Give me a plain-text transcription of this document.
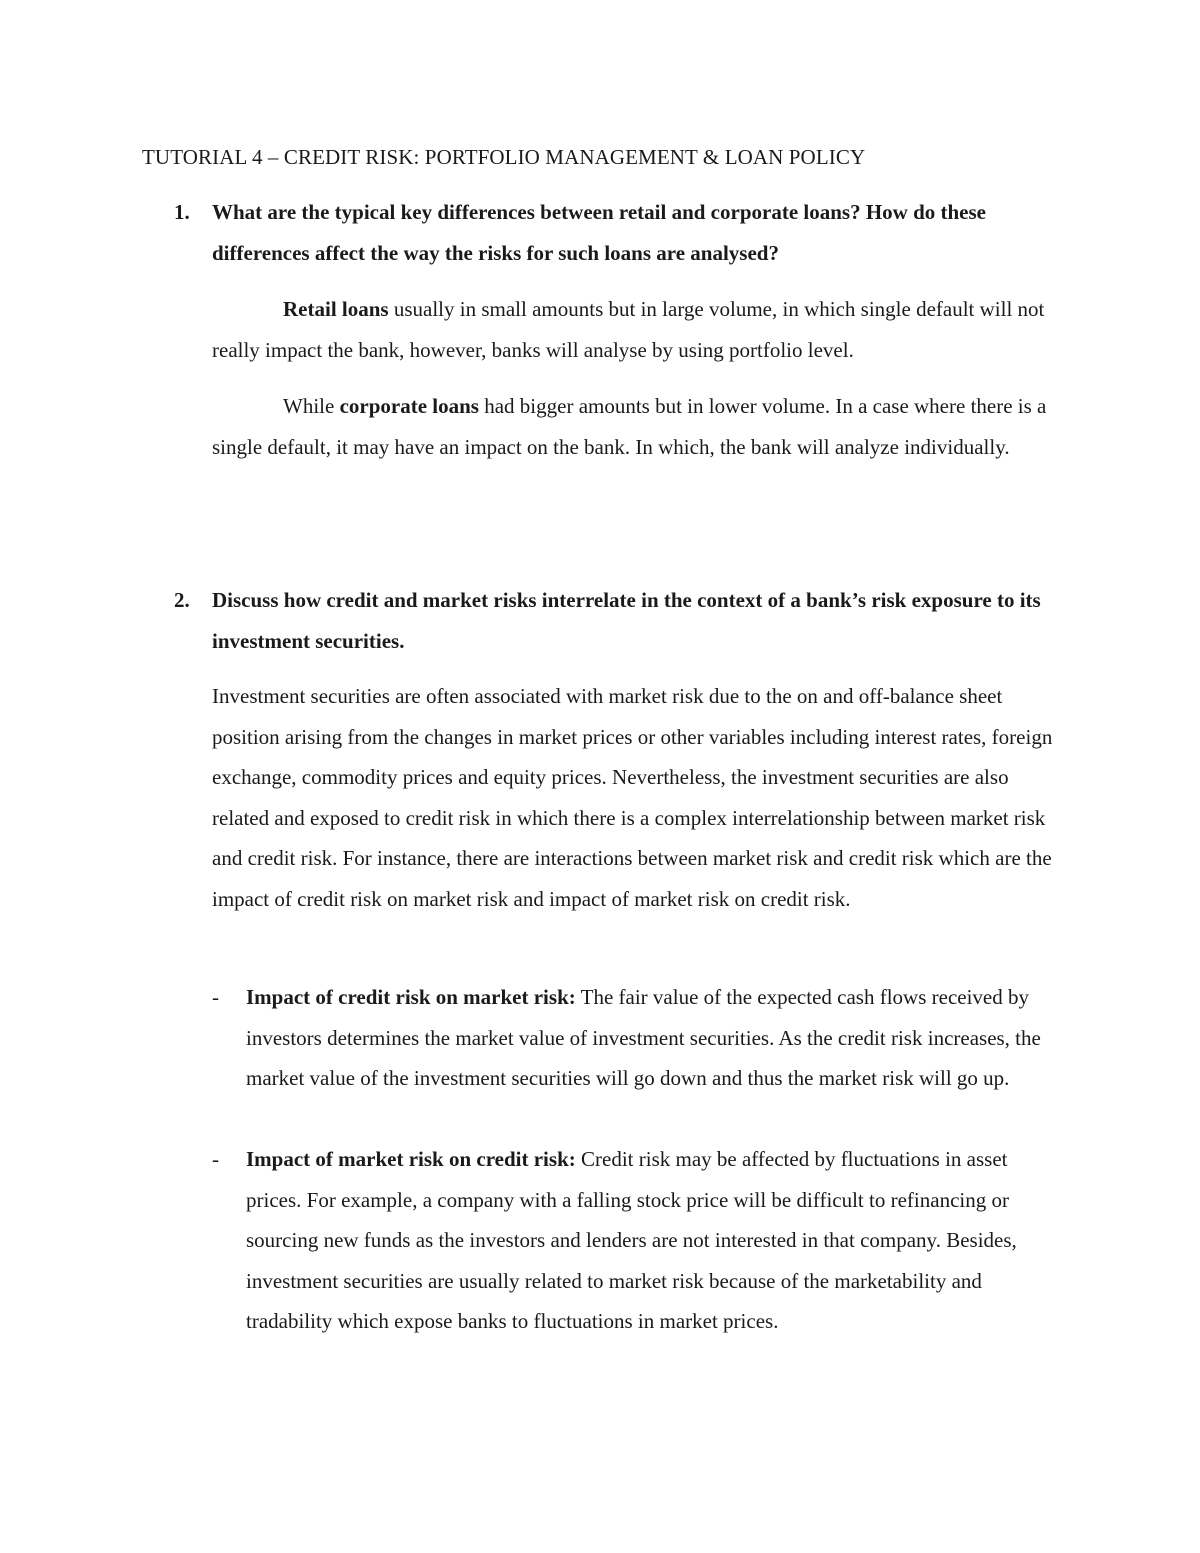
TUTORIAL 4 – CREDIT RISK: PORTFOLIO MANAGEMENT & LOAN POLICY
1.	What are the typical key differences between retail and corporate loans? How do these differences affect the way the risks for such loans are analysed?
Retail loans usually in small amounts but in large volume, in which single default will not really impact the bank, however, banks will analyse by using portfolio level.
While corporate loans had bigger amounts but in lower volume. In a case where there is a single default, it may have an impact on the bank. In which, the bank will analyze individually.
2.	Discuss how credit and market risks interrelate in the context of a bank’s risk exposure to its investment securities.
Investment securities are often associated with market risk due to the on and off-balance sheet position arising from the changes in market prices or other variables including interest rates, foreign exchange, commodity prices and equity prices. Nevertheless, the investment securities are also related and exposed to credit risk in which there is a complex interrelationship between market risk and credit risk. For instance, there are interactions between market risk and credit risk which are the impact of credit risk on market risk and impact of market risk on credit risk.
-	Impact of credit risk on market risk: The fair value of the expected cash flows received by investors determines the market value of investment securities. As the credit risk increases, the market value of the investment securities will go down and thus the market risk will go up.
-	Impact of market risk on credit risk: Credit risk may be affected by fluctuations in asset prices. For example, a company with a falling stock price will be difficult to refinancing or sourcing new funds as the investors and lenders are not interested in that company. Besides, investment securities are usually related to market risk because of the marketability and tradability which expose banks to fluctuations in market prices.
